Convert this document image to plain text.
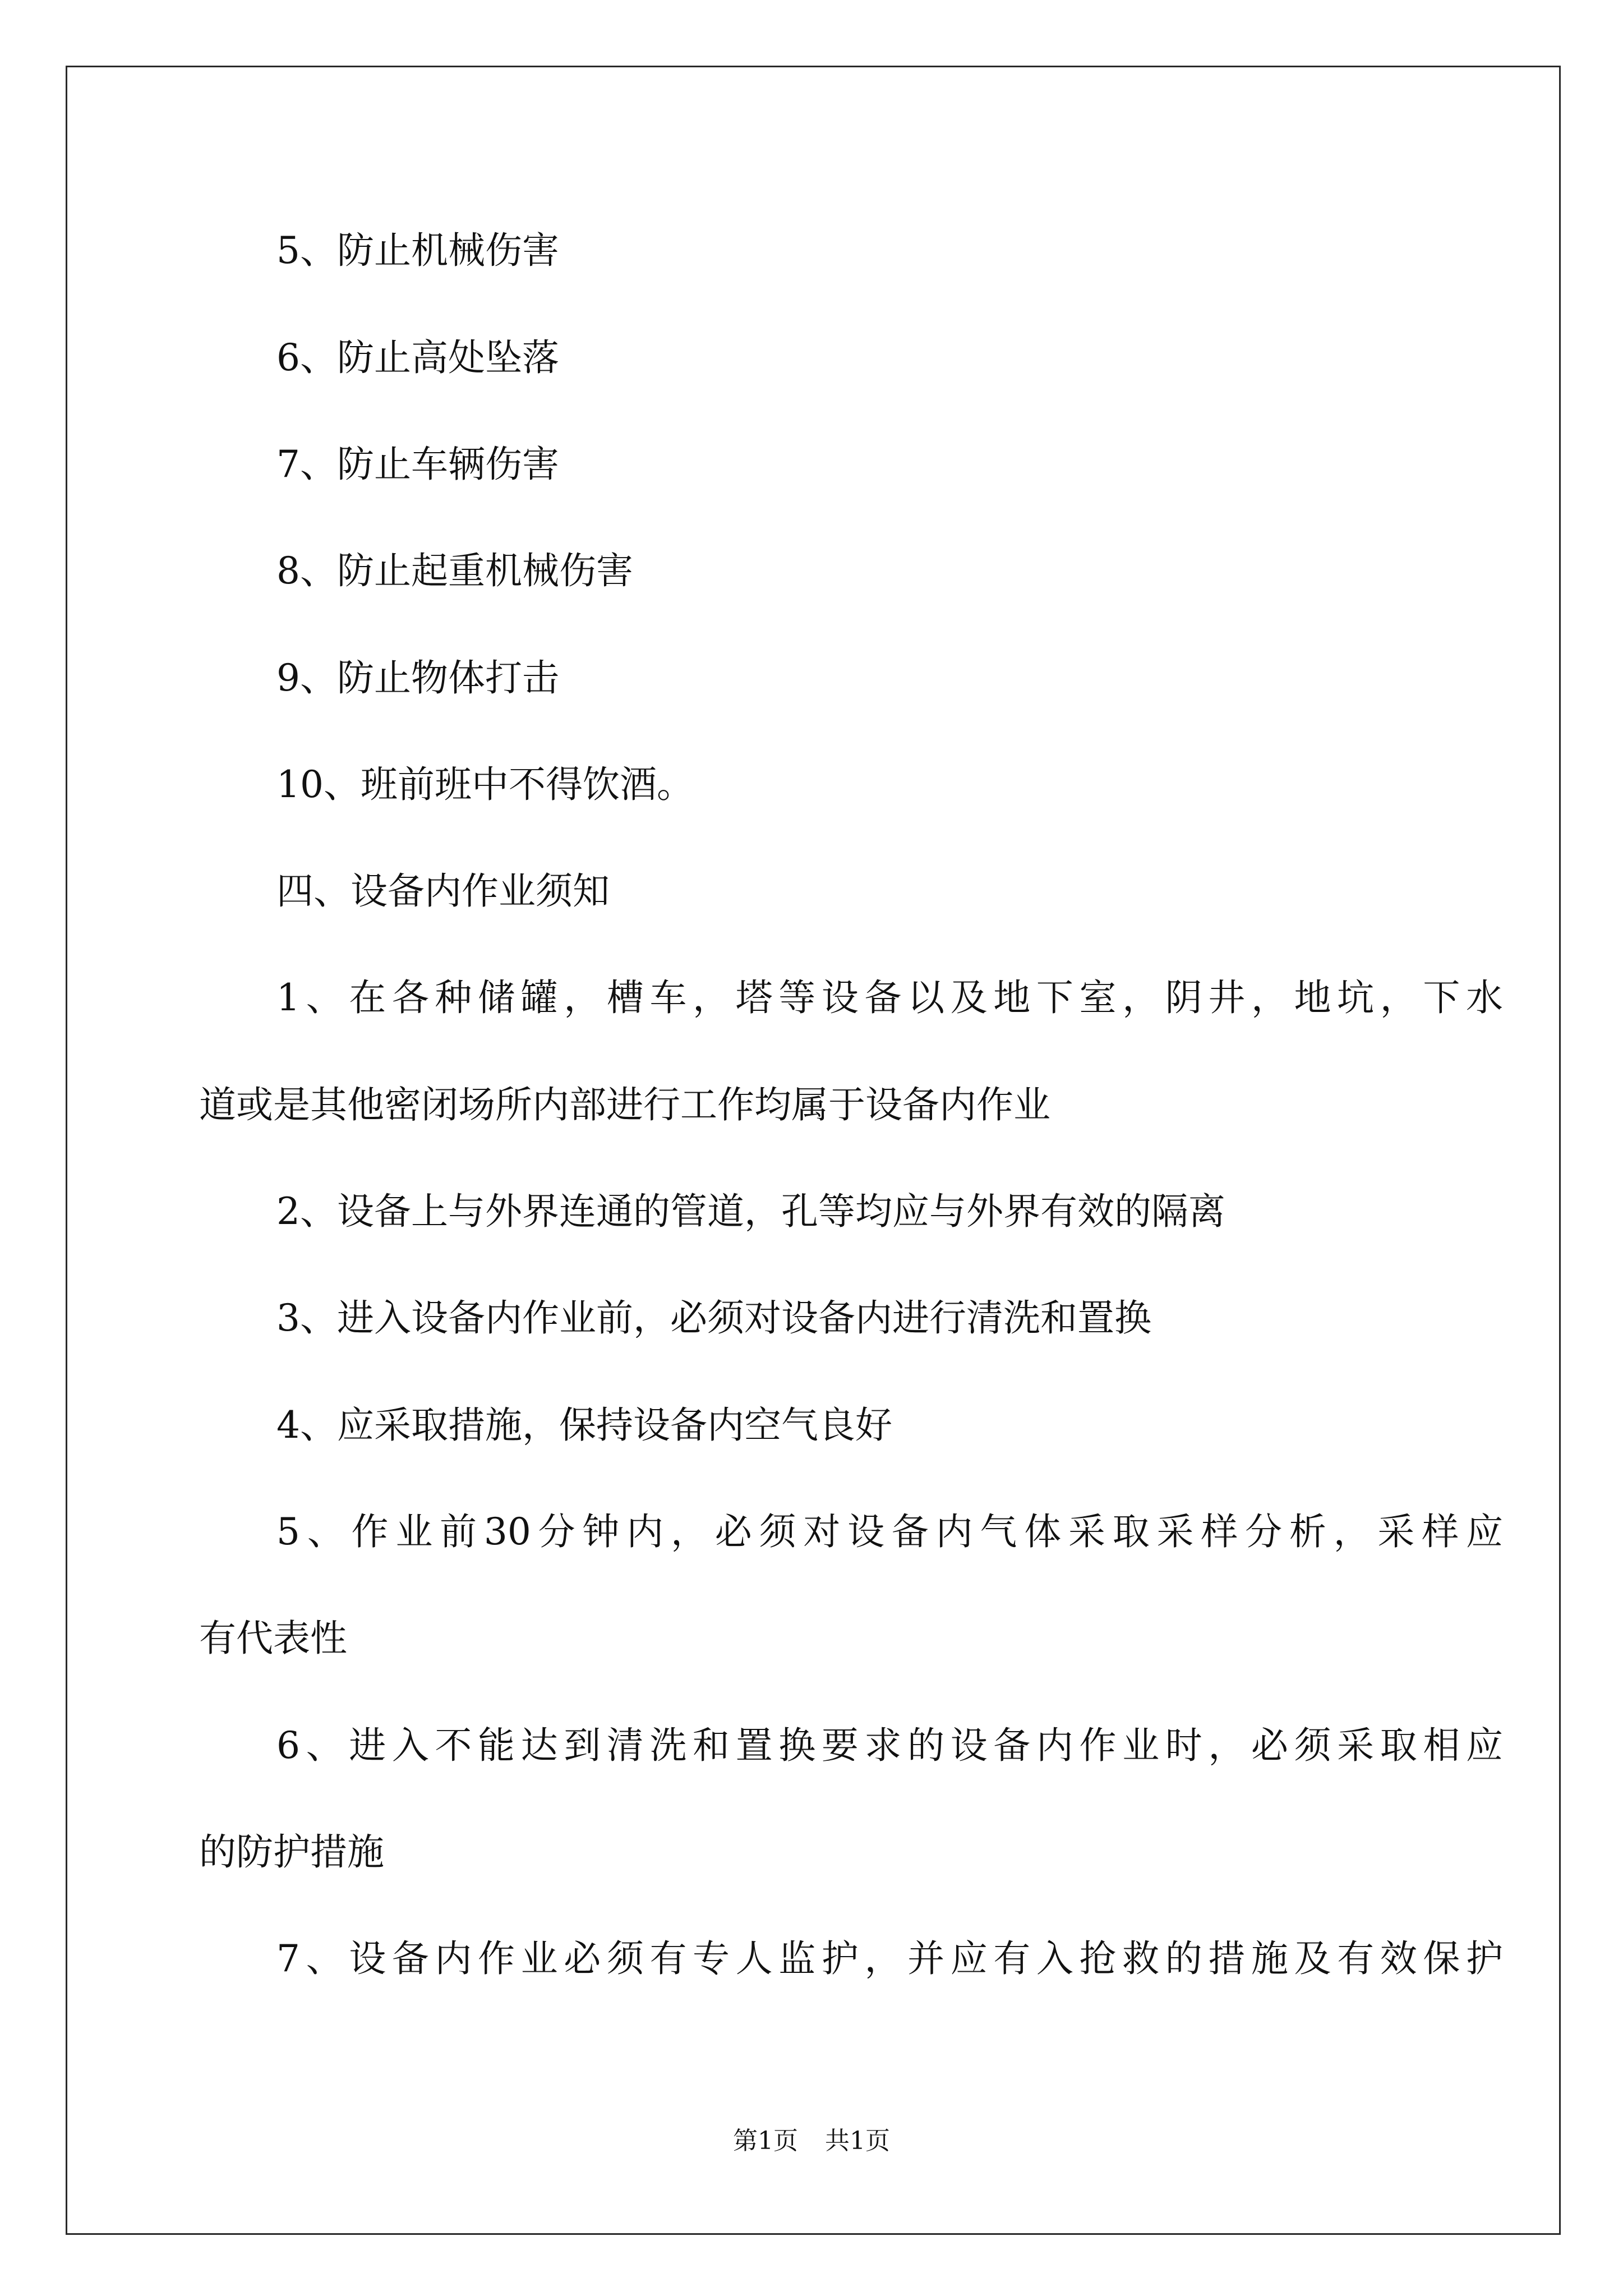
5、防止机械伤害
6、防止高处坠落
7、防止车辆伤害
8、防止起重机械伤害
9、防止物体打击
10、班前班中不得饮酒。
四、设备内作业须知
1、在各种储罐，槽车，塔等设备以及地下室，阴井，地坑，下水
道或是其他密闭场所内部进行工作均属于设备内作业
2、设备上与外界连通的管道，孔等均应与外界有效的隔离
3、进入设备内作业前，必须对设备内进行清洗和置换
4、应采取措施，保持设备内空气良好
5、作业前30分钟内，必须对设备内气体采取采样分析，采样应
有代表性
6、进入不能达到清洗和置换要求的设备内作业时，必须采取相应
的防护措施
7、设备内作业必须有专人监护，并应有入抢救的措施及有效保护
第1页 共1页
